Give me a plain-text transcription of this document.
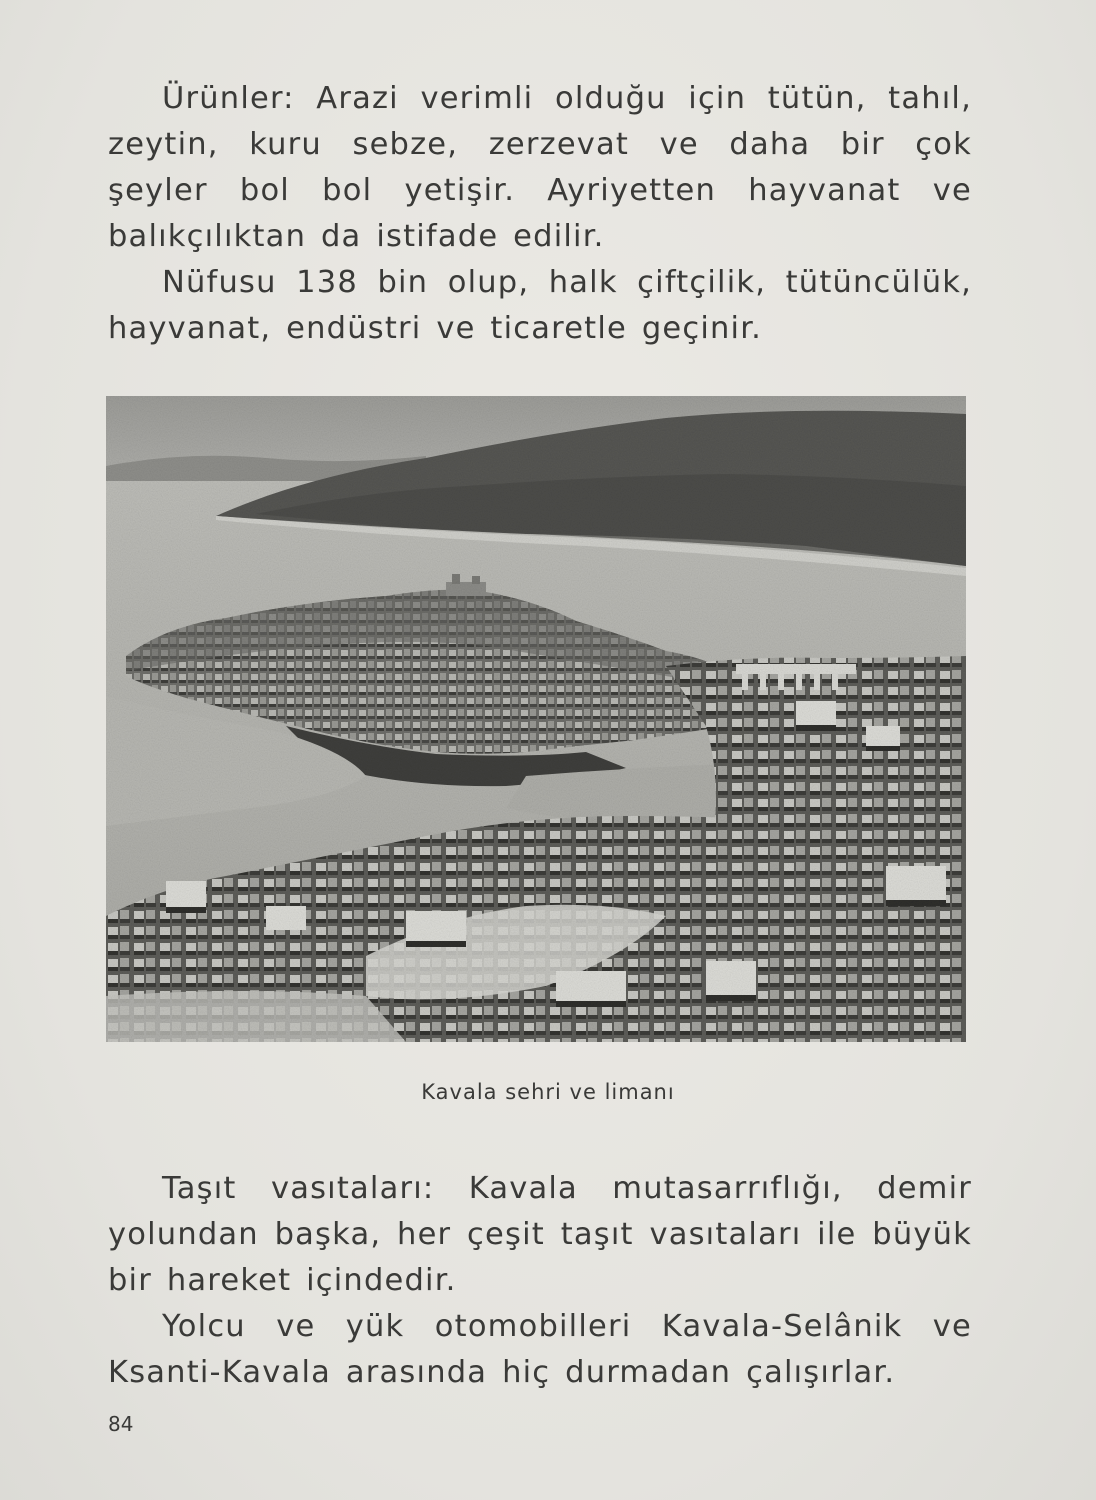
Ürünler: Arazi verimli olduğu için tütün, tahıl, zeytin, kuru sebze, zerzevat ve daha bir çok şeyler bol bol yetişir. Ayriyetten hayvanat ve balıkçılıktan da istifade edilir.

Nüfusu 138 bin olup, halk çiftçilik, tütüncülük, hayvanat, endüstri ve ticaretle geçinir.

Kavala sehri ve limanı

Taşıt vasıtaları: Kavala mutasarrıflığı, demir yolundan başka, her çeşit taşıt vasıtaları ile büyük bir hareket içindedir.

Yolcu ve yük otomobilleri Kavala-Selânik ve Ksanti-Kavala arasında hiç durmadan çalışırlar.

84
